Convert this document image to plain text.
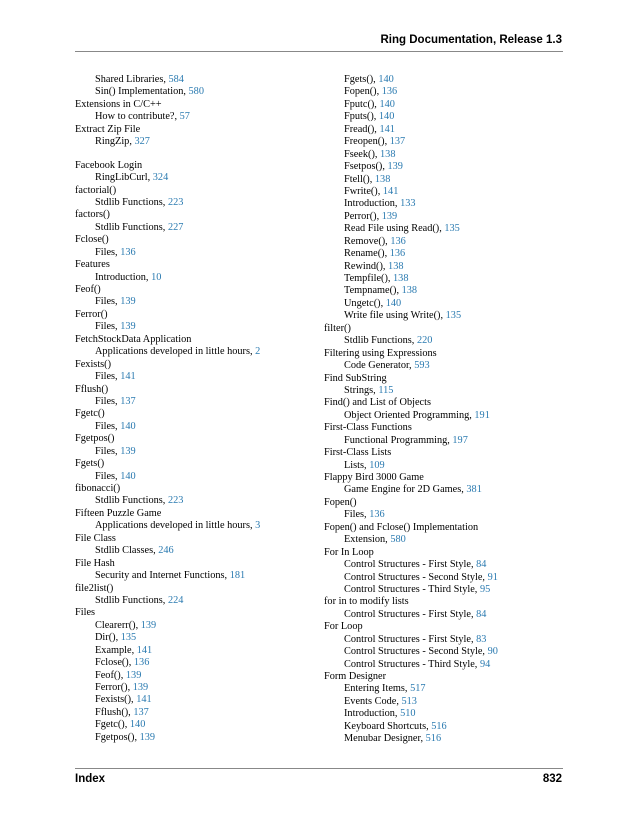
Ring Documentation, Release 1.3
Shared Libraries, 584
Sin() Implementation, 580
Extensions in C/C++
How to contribute?, 57
Extract Zip File
RingZip, 327
Facebook Login
RingLibCurl, 324
factorial()
Stdlib Functions, 223
factors()
Stdlib Functions, 227
Fclose()
Files, 136
Features
Introduction, 10
Feof()
Files, 139
Ferror()
Files, 139
FetchStockData Application
Applications developed in little hours, 2
Fexists()
Files, 141
Fflush()
Files, 137
Fgetc()
Files, 140
Fgetpos()
Files, 139
Fgets()
Files, 140
fibonacci()
Stdlib Functions, 223
Fifteen Puzzle Game
Applications developed in little hours, 3
File Class
Stdlib Classes, 246
File Hash
Security and Internet Functions, 181
file2list()
Stdlib Functions, 224
Files
Clearerr(), 139
Dir(), 135
Example, 141
Fclose(), 136
Feof(), 139
Ferror(), 139
Fexists(), 141
Fflush(), 137
Fgetc(), 140
Fgetpos(), 139
Fgets(), 140
Fopen(), 136
Fputc(), 140
Fputs(), 140
Fread(), 141
Freopen(), 137
Fseek(), 138
Fsetpos(), 139
Ftell(), 138
Fwrite(), 141
Introduction, 133
Perror(), 139
Read File using Read(), 135
Remove(), 136
Rename(), 136
Rewind(), 138
Tempfile(), 138
Tempname(), 138
Ungetc(), 140
Write file using Write(), 135
filter()
Stdlib Functions, 220
Filtering using Expressions
Code Generator, 593
Find SubString
Strings, 115
Find() and List of Objects
Object Oriented Programming, 191
First-Class Functions
Functional Programming, 197
First-Class Lists
Lists, 109
Flappy Bird 3000 Game
Game Engine for 2D Games, 381
Fopen()
Files, 136
Fopen() and Fclose() Implementation
Extension, 580
For In Loop
Control Structures - First Style, 84
Control Structures - Second Style, 91
Control Structures - Third Style, 95
for in to modify lists
Control Structures - First Style, 84
For Loop
Control Structures - First Style, 83
Control Structures - Second Style, 90
Control Structures - Third Style, 94
Form Designer
Entering Items, 517
Events Code, 513
Introduction, 510
Keyboard Shortcuts, 516
Menubar Designer, 516
Index	832
